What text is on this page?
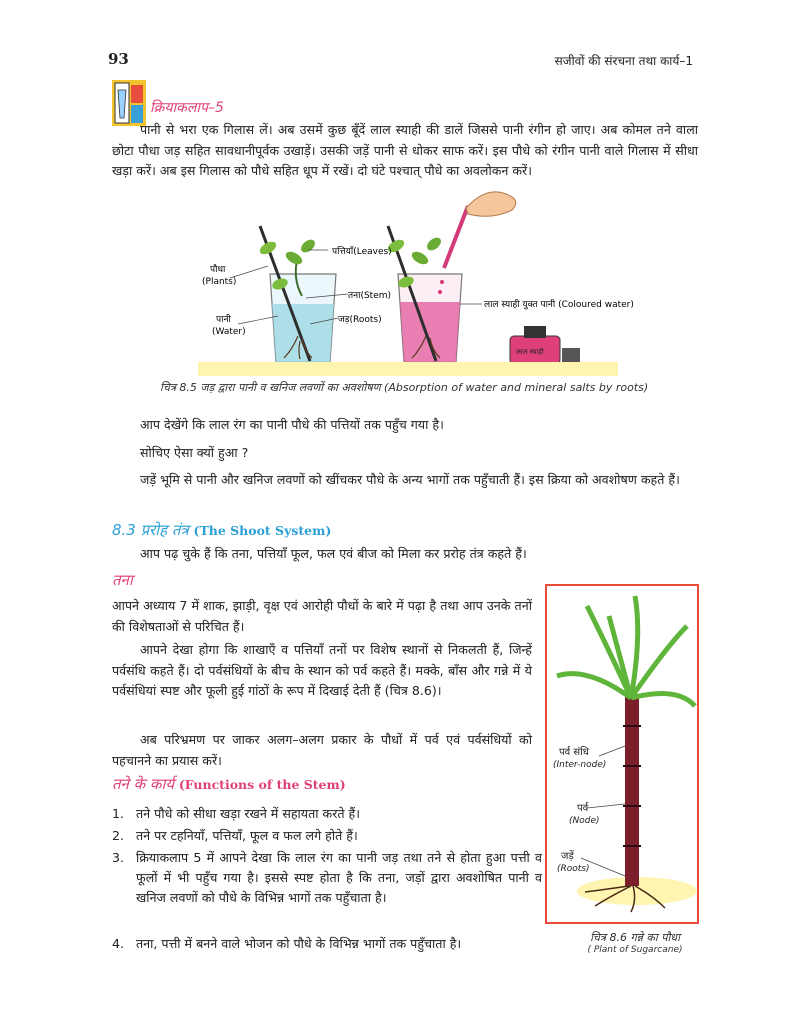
93	सजीवों की संरचना तथा कार्य–1
क्रियाकलाप–5
पानी से भरा एक गिलास लें। अब उसमें कुछ बूँदें लाल स्याही की डालें जिससे पानी रंगीन हो जाए। अब कोमल तने वाला छोटा पौधा जड़ सहित सावधानीपूर्वक उखाड़ें। उसकी जड़ें पानी से धोकर साफ करें। इस पौधे को रंगीन पानी वाले गिलास में सीधा खड़ा करें। अब इस गिलास को पौधे सहित धूप में रखें। दो घंटे पश्चात् पौधे का अवलोकन करें।
लाल स्याही
पौधा
(Plants)
पानी
(Water)
पत्तियाँ(Leaves)
तना(Stem)
जड़(Roots)
लाल स्याही युक्त पानी (Coloured water)
चित्र 8.5 जड़ द्वारा पानी व खनिज लवणों का अवशोषण (Absorption of water and mineral salts by roots)
आप देखेंगे कि लाल रंग का पानी पौधे की पत्तियों तक पहुँच गया है।
सोचिए ऐसा क्यों हुआ ?
जड़ें भूमि से पानी और खनिज लवणों को खींचकर पौधे के अन्य भागों तक पहुँचाती हैं। इस क्रिया को अवशोषण कहते हैं।
8.3 प्ररोह तंत्र (The Shoot System)
आप पढ़ चुके हैं कि तना, पत्तियाँ फूल, फल एवं बीज को मिला कर प्ररोह तंत्र कहते हैं।
तना
आपने अध्याय 7 में शाक, झाड़ी, वृक्ष एवं आरोही पौधों के बारे में पढ़ा है तथा आप उनके तनों की विशेषताओं से परिचित हैं।
आपने देखा होगा कि शाखाएँ व पत्तियाँ तनों पर विशेष स्थानों से निकलती हैं, जिन्हें पर्वसंधि कहते हैं। दो पर्वसंधियों के बीच के स्थान को पर्व कहते हैं। मक्के, बाँस और गन्ने में ये पर्वसंधियां स्पष्ट और फूली हुई गांठों के रूप में दिखाई देती हैं (चित्र 8.6)।
अब परिभ्रमण पर जाकर अलग–अलग प्रकार के पौधों में पर्व एवं पर्वसंधियों को पहचानने का प्रयास करें।
तने के कार्य (Functions of the Stem)
1. तने पौधे को सीधा खड़ा रखने में सहायता करते हैं।
2. तने पर टहनियाँ, पत्तियाँ, फूल व फल लगे होते हैं।
3. क्रियाकलाप 5 में आपने देखा कि लाल रंग का पानी जड़ तथा तने से होता हुआ पत्ती व फूलों में भी पहुँच गया है। इससे स्पष्ट होता है कि तना, जड़ों द्वारा अवशोषित पानी व खनिज लवणों को पौधे के विभिन्न भागों तक पहुँचाता है।
4. तना, पत्ती में बनने वाले भोजन को पौधे के विभिन्न भागों तक पहुँचाता है।
पर्व संधि
(Inter-node)
पर्व
(Node)
जड़ें
(Roots)
चित्र 8.6 गन्ने का पौधा
( Plant of Sugarcane)
